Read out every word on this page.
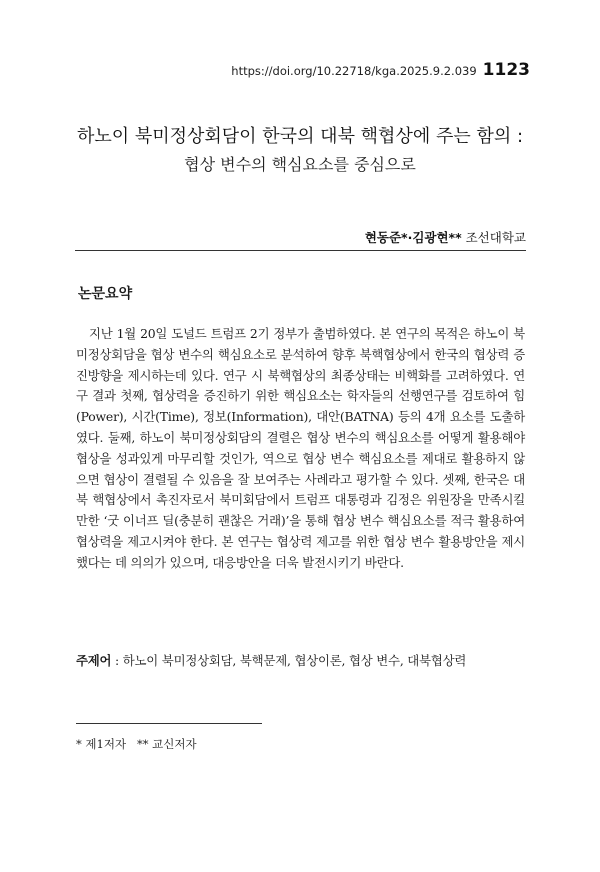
https://doi.org/10.22718/kga.2025.9.2.039 1123
하노이 북미정상회담이 한국의 대북 핵협상에 주는 함의 :
협상 변수의 핵심요소를 중심으로
현동준*·김광현** 조선대학교
논문요약

지난 1월 20일 도널드 트럼프 2기 정부가 출범하였다. 본 연구의 목적은 하노이 북미정상회담을 협상 변수의 핵심요소로 분석하여 향후 북핵협상에서 한국의 협상력 증진방향을 제시하는데 있다. 연구 시 북핵협상의 최종상태는 비핵화를 고려하였다. 연구 결과 첫째, 협상력을 증진하기 위한 핵심요소는 학자들의 선행연구를 검토하여 힘(Power), 시간(Time), 정보(Information), 대안(BATNA) 등의 4개 요소를 도출하였다. 둘째, 하노이 북미정상회담의 결렬은 협상 변수의 핵심요소를 어떻게 활용해야 협상을 성과있게 마무리할 것인가, 역으로 협상 변수 핵심요소를 제대로 활용하지 않으면 협상이 결렬될 수 있음을 잘 보여주는 사례라고 평가할 수 있다. 셋째, 한국은 대북 핵협상에서 촉진자로서 북미회담에서 트럼프 대통령과 김정은 위원장을 만족시킬 만한 ‘굿 이너프 딜(충분히 괜찮은 거래)’을 통해 협상 변수 핵심요소를 적극 활용하여 협상력을 제고시켜야 한다. 본 연구는 협상력 제고를 위한 협상 변수 활용방안을 제시했다는 데 의의가 있으며, 대응방안을 더욱 발전시키기 바란다.

주제어 : 하노이 북미정상회담, 북핵문제, 협상이론, 협상 변수, 대북협상력
* 제1저자 ** 교신저자
